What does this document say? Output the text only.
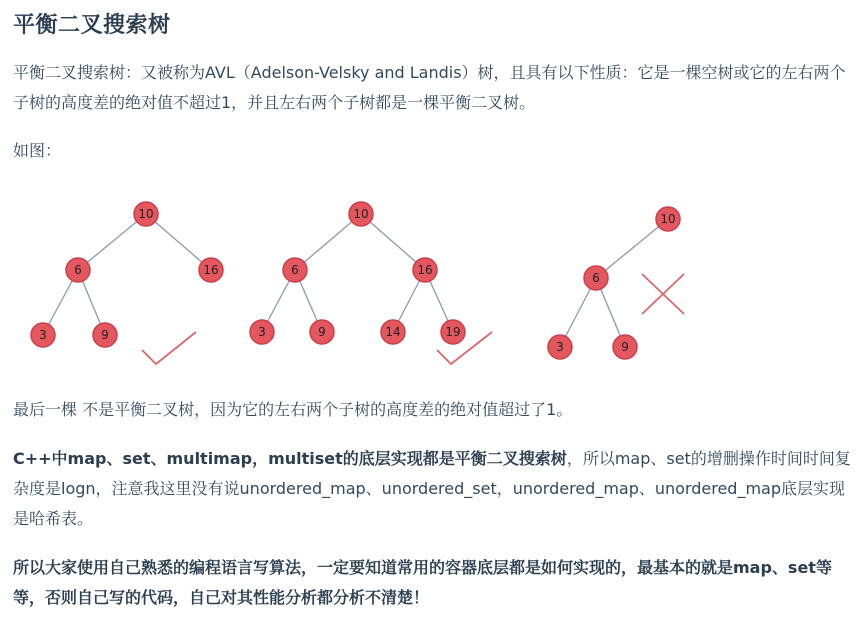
平衡二叉搜索树

平衡二叉搜索树：又被称为AVL（Adelson-Velsky and Landis）树，且具有以下性质：它是一棵空树或它的左右两个子树的高度差的绝对值不超过1，并且左右两个子树都是一棵平衡二叉树。

如图：

10
6	16
3	9
10
6	16
3	9	14	19
10
6
3	9

最后一棵 不是平衡二叉树，因为它的左右两个子树的高度差的绝对值超过了1。

C++中map、set、multimap，multiset的底层实现都是平衡二叉搜索树，所以map、set的增删操作时间时间复杂度是logn，注意我这里没有说unordered_map、unordered_set，unordered_map、unordered_map底层实现是哈希表。

所以大家使用自己熟悉的编程语言写算法，一定要知道常用的容器底层都是如何实现的，最基本的就是map、set等等，否则自己写的代码，自己对其性能分析都分析不清楚！
